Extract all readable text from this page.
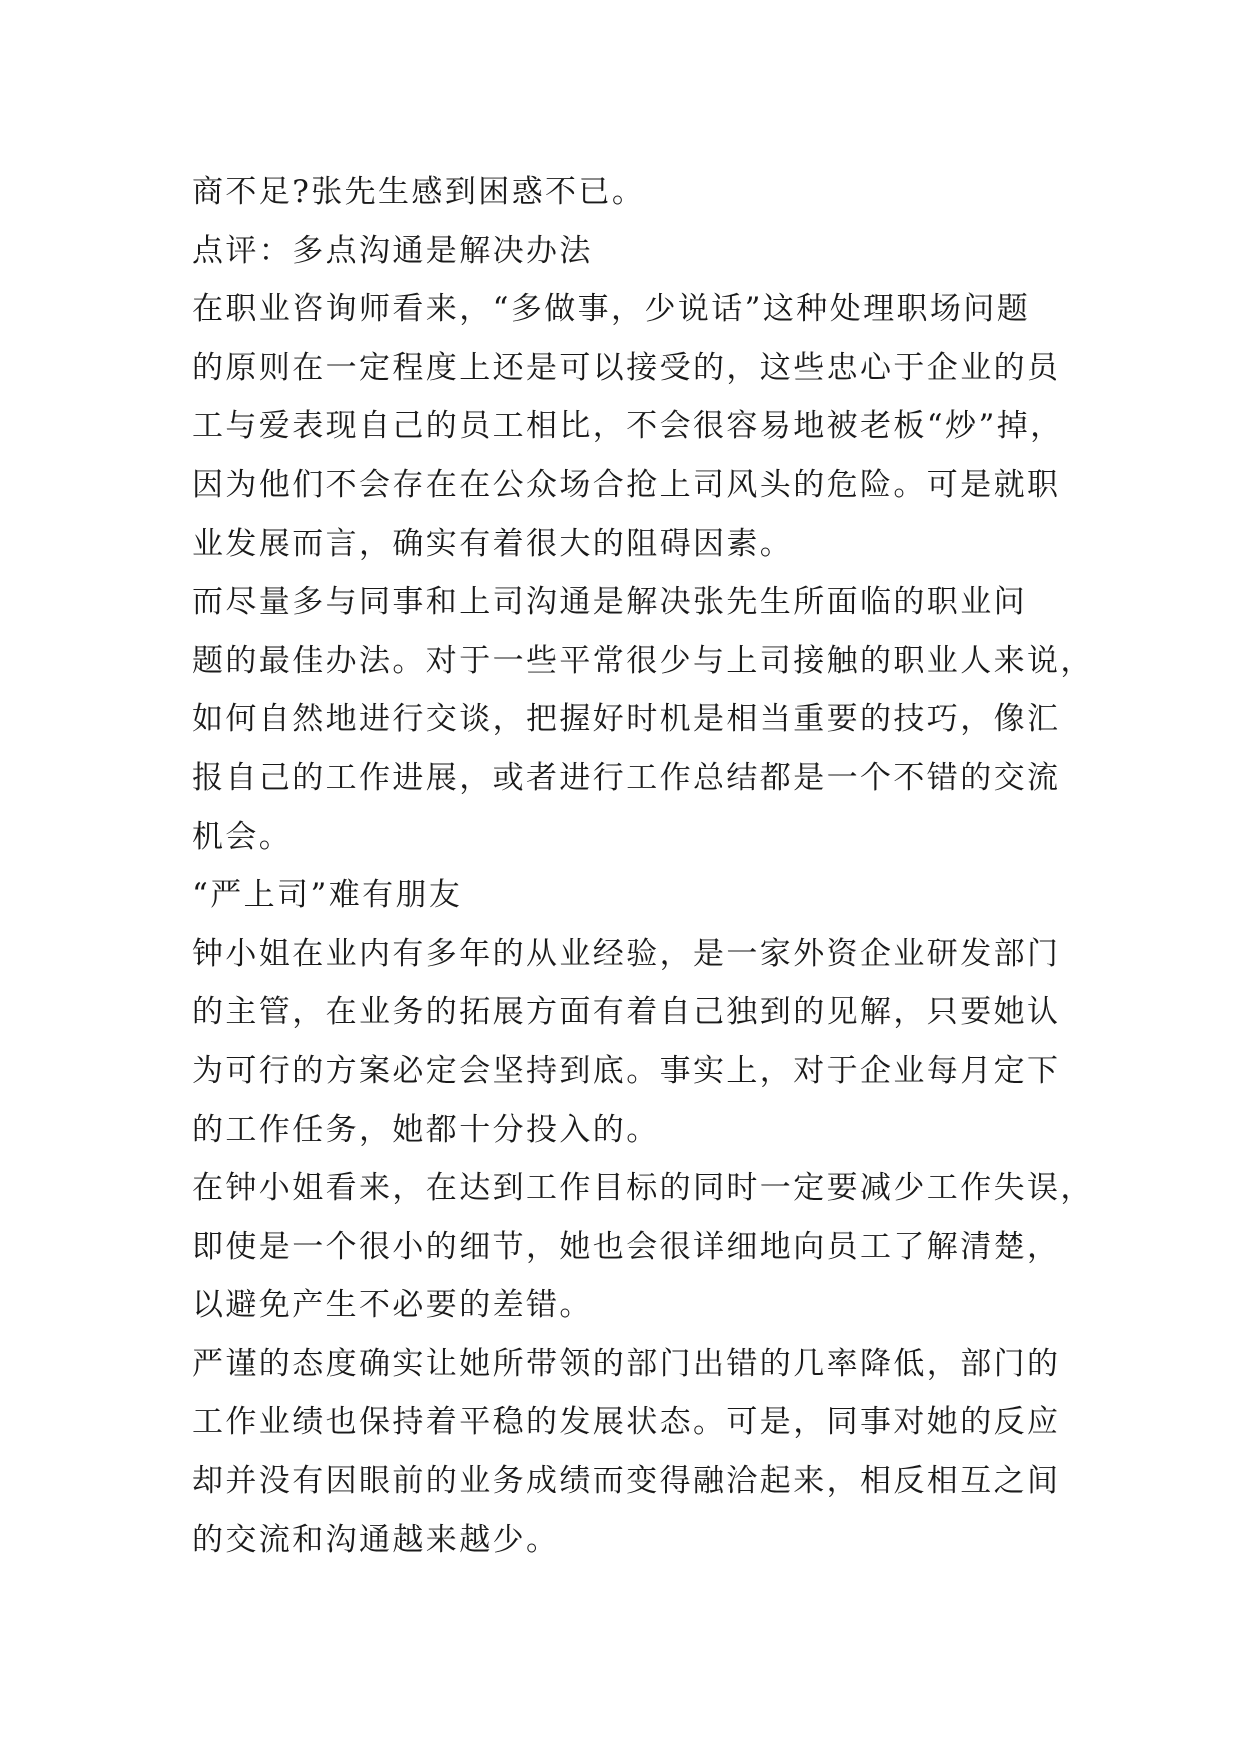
商不足?张先生感到困惑不已。
点评：多点沟通是解决办法
在职业咨询师看来，“多做事，少说话”这种处理职场问题
的原则在一定程度上还是可以接受的，这些忠心于企业的员
工与爱表现自己的员工相比，不会很容易地被老板“炒”掉，
因为他们不会存在在公众场合抢上司风头的危险。可是就职
业发展而言，确实有着很大的阻碍因素。
而尽量多与同事和上司沟通是解决张先生所面临的职业问
题的最佳办法。对于一些平常很少与上司接触的职业人来说，
如何自然地进行交谈，把握好时机是相当重要的技巧，像汇
报自己的工作进展，或者进行工作总结都是一个不错的交流
机会。
“严上司”难有朋友
钟小姐在业内有多年的从业经验，是一家外资企业研发部门
的主管，在业务的拓展方面有着自己独到的见解，只要她认
为可行的方案必定会坚持到底。事实上，对于企业每月定下
的工作任务，她都十分投入的。
在钟小姐看来，在达到工作目标的同时一定要减少工作失误，
即使是一个很小的细节，她也会很详细地向员工了解清楚，
以避免产生不必要的差错。
严谨的态度确实让她所带领的部门出错的几率降低，部门的
工作业绩也保持着平稳的发展状态。可是，同事对她的反应
却并没有因眼前的业务成绩而变得融洽起来，相反相互之间
的交流和沟通越来越少。
